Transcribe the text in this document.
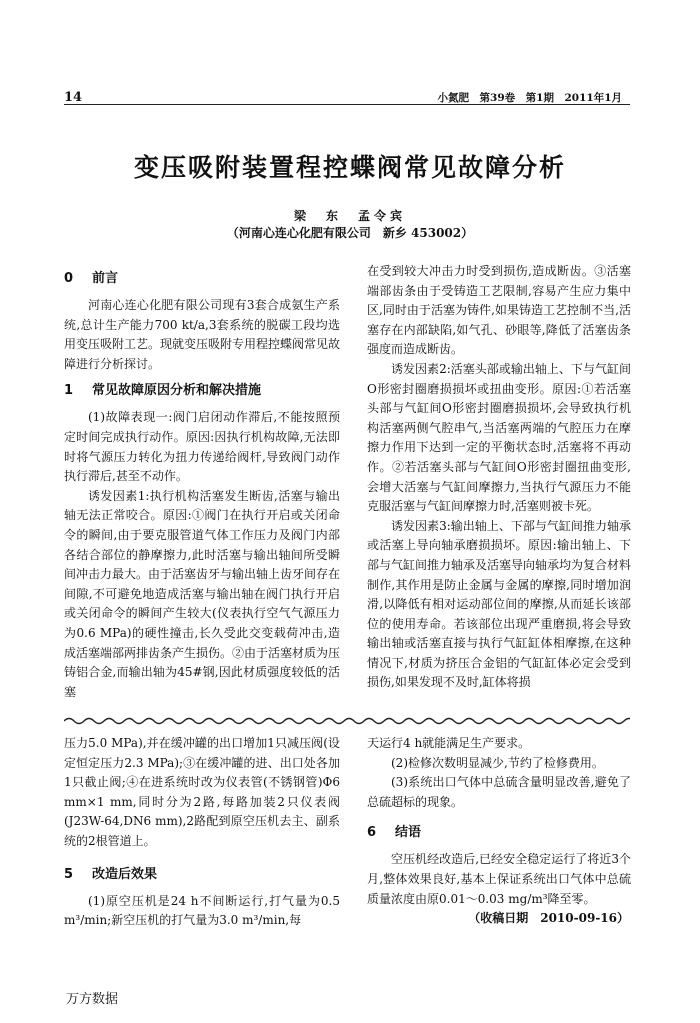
14	小氮肥　第39卷　第1期　2011年1月
变压吸附装置程控蝶阀常见故障分析
梁　东　孟令宾
（河南心连心化肥有限公司　新乡 453002）
0 前言

河南心连心化肥有限公司现有3套合成氨生产系统,总计生产能力700 kt/a,3套系统的脱碳工段均选用变压吸附工艺。现就变压吸附专用程控蝶阀常见故障进行分析探讨。

1 常见故障原因分析和解决措施

(1)故障表现一:阀门启闭动作滞后,不能按照预定时间完成执行动作。原因:因执行机构故障,无法即时将气源压力转化为扭力传递给阀杆,导致阀门动作执行滞后,甚至不动作。

诱发因素1:执行机构活塞发生断齿,活塞与输出轴无法正常咬合。原因:①阀门在执行开启或关闭命令的瞬间,由于要克服管道气体工作压力及阀门内部各结合部位的静摩擦力,此时活塞与输出轴间所受瞬间冲击力最大。由于活塞齿牙与输出轴上齿牙间存在间隙,不可避免地造成活塞与输出轴在阀门执行开启或关闭命令的瞬间产生较大(仪表执行空气气源压力为0.6 MPa)的硬性撞击,长久受此交变载荷冲击,造成活塞端部两排齿条产生损伤。②由于活塞材质为压铸铝合金,而输出轴为45#钢,因此材质强度较低的活塞

在受到较大冲击力时受到损伤,造成断齿。③活塞端部齿条由于受铸造工艺限制,容易产生应力集中区,同时由于活塞为铸件,如果铸造工艺控制不当,活塞存在内部缺陷,如气孔、砂眼等,降低了活塞齿条强度而造成断齿。

诱发因素2:活塞头部或输出轴上、下与气缸间O形密封圈磨损损坏或扭曲变形。原因:①若活塞头部与气缸间O形密封圈磨损损坏,会导致执行机构活塞两侧气腔串气,当活塞两端的气腔压力在摩擦力作用下达到一定的平衡状态时,活塞将不再动作。②若活塞头部与气缸间O形密封圈扭曲变形,会增大活塞与气缸间摩擦力,当执行气源压力不能克服活塞与气缸间摩擦力时,活塞则被卡死。

诱发因素3:输出轴上、下部与气缸间推力轴承或活塞上导向轴承磨损损坏。原因:输出轴上、下部与气缸间推力轴承及活塞导向轴承均为复合材料制作,其作用是防止金属与金属的摩擦,同时增加润滑,以降低有相对运动部位间的摩擦,从而延长该部位的使用寿命。若该部位出现严重磨损,将会导致输出轴或活塞直接与执行气缸缸体相摩擦,在这种情况下,材质为挤压合金铝的气缸缸体必定会受到损伤,如果发现不及时,缸体将损

压力5.0 MPa),并在缓冲罐的出口增加1只减压阀(设定恒定压力2.3 MPa);③在缓冲罐的进、出口处各加1只截止阀;④在进系统时改为仪表管(不锈钢管)Φ6 mm×1 mm,同时分为2路,每路加装2只仪表阀(J23W-64,DN6 mm),2路配到原空压机去主、副系统的2根管道上。

5 改造后效果

(1)原空压机是24 h不间断运行,打气量为0.5 m³/min;新空压机的打气量为3.0 m³/min,每

天运行4 h就能满足生产要求。

(2)检修次数明显减少,节约了检修费用。

(3)系统出口气体中总硫含量明显改善,避免了总硫超标的现象。

6 结语

空压机经改造后,已经安全稳定运行了将近3个月,整体效果良好,基本上保证系统出口气体中总硫质量浓度由原0.01～0.03 mg/m³降至零。

（收稿日期　2010-09-16）

万方数据
